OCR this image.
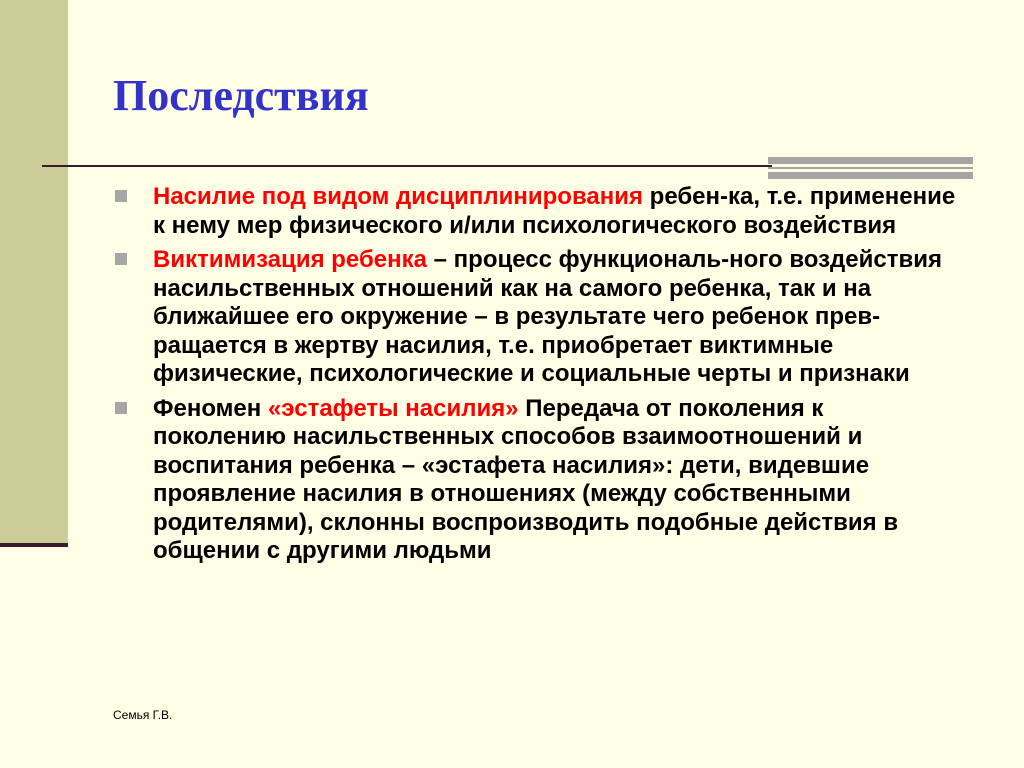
Последствия
Насилие под видом дисциплинирования ребен-ка, т.е. применение к нему мер физического и/или психологического воздействия
Виктимизация ребенка – процесс функциональ-ного воздействия насильственных отношений как на самого ребенка, так и на ближайшее его окружение – в результате чего ребенок прев-ращается в жертву насилия, т.е. приобретает виктимные физические, психологические и социальные черты и признаки
Феномен «эстафеты насилия» Передача от поколения к поколению насильственных способов взаимоотношений и воспитания ребенка – «эстафета насилия»: дети, видевшие проявление насилия в отношениях (между собственными родителями), склонны воспроизводить подобные действия в общении с другими людьми
Семья Г.В.
